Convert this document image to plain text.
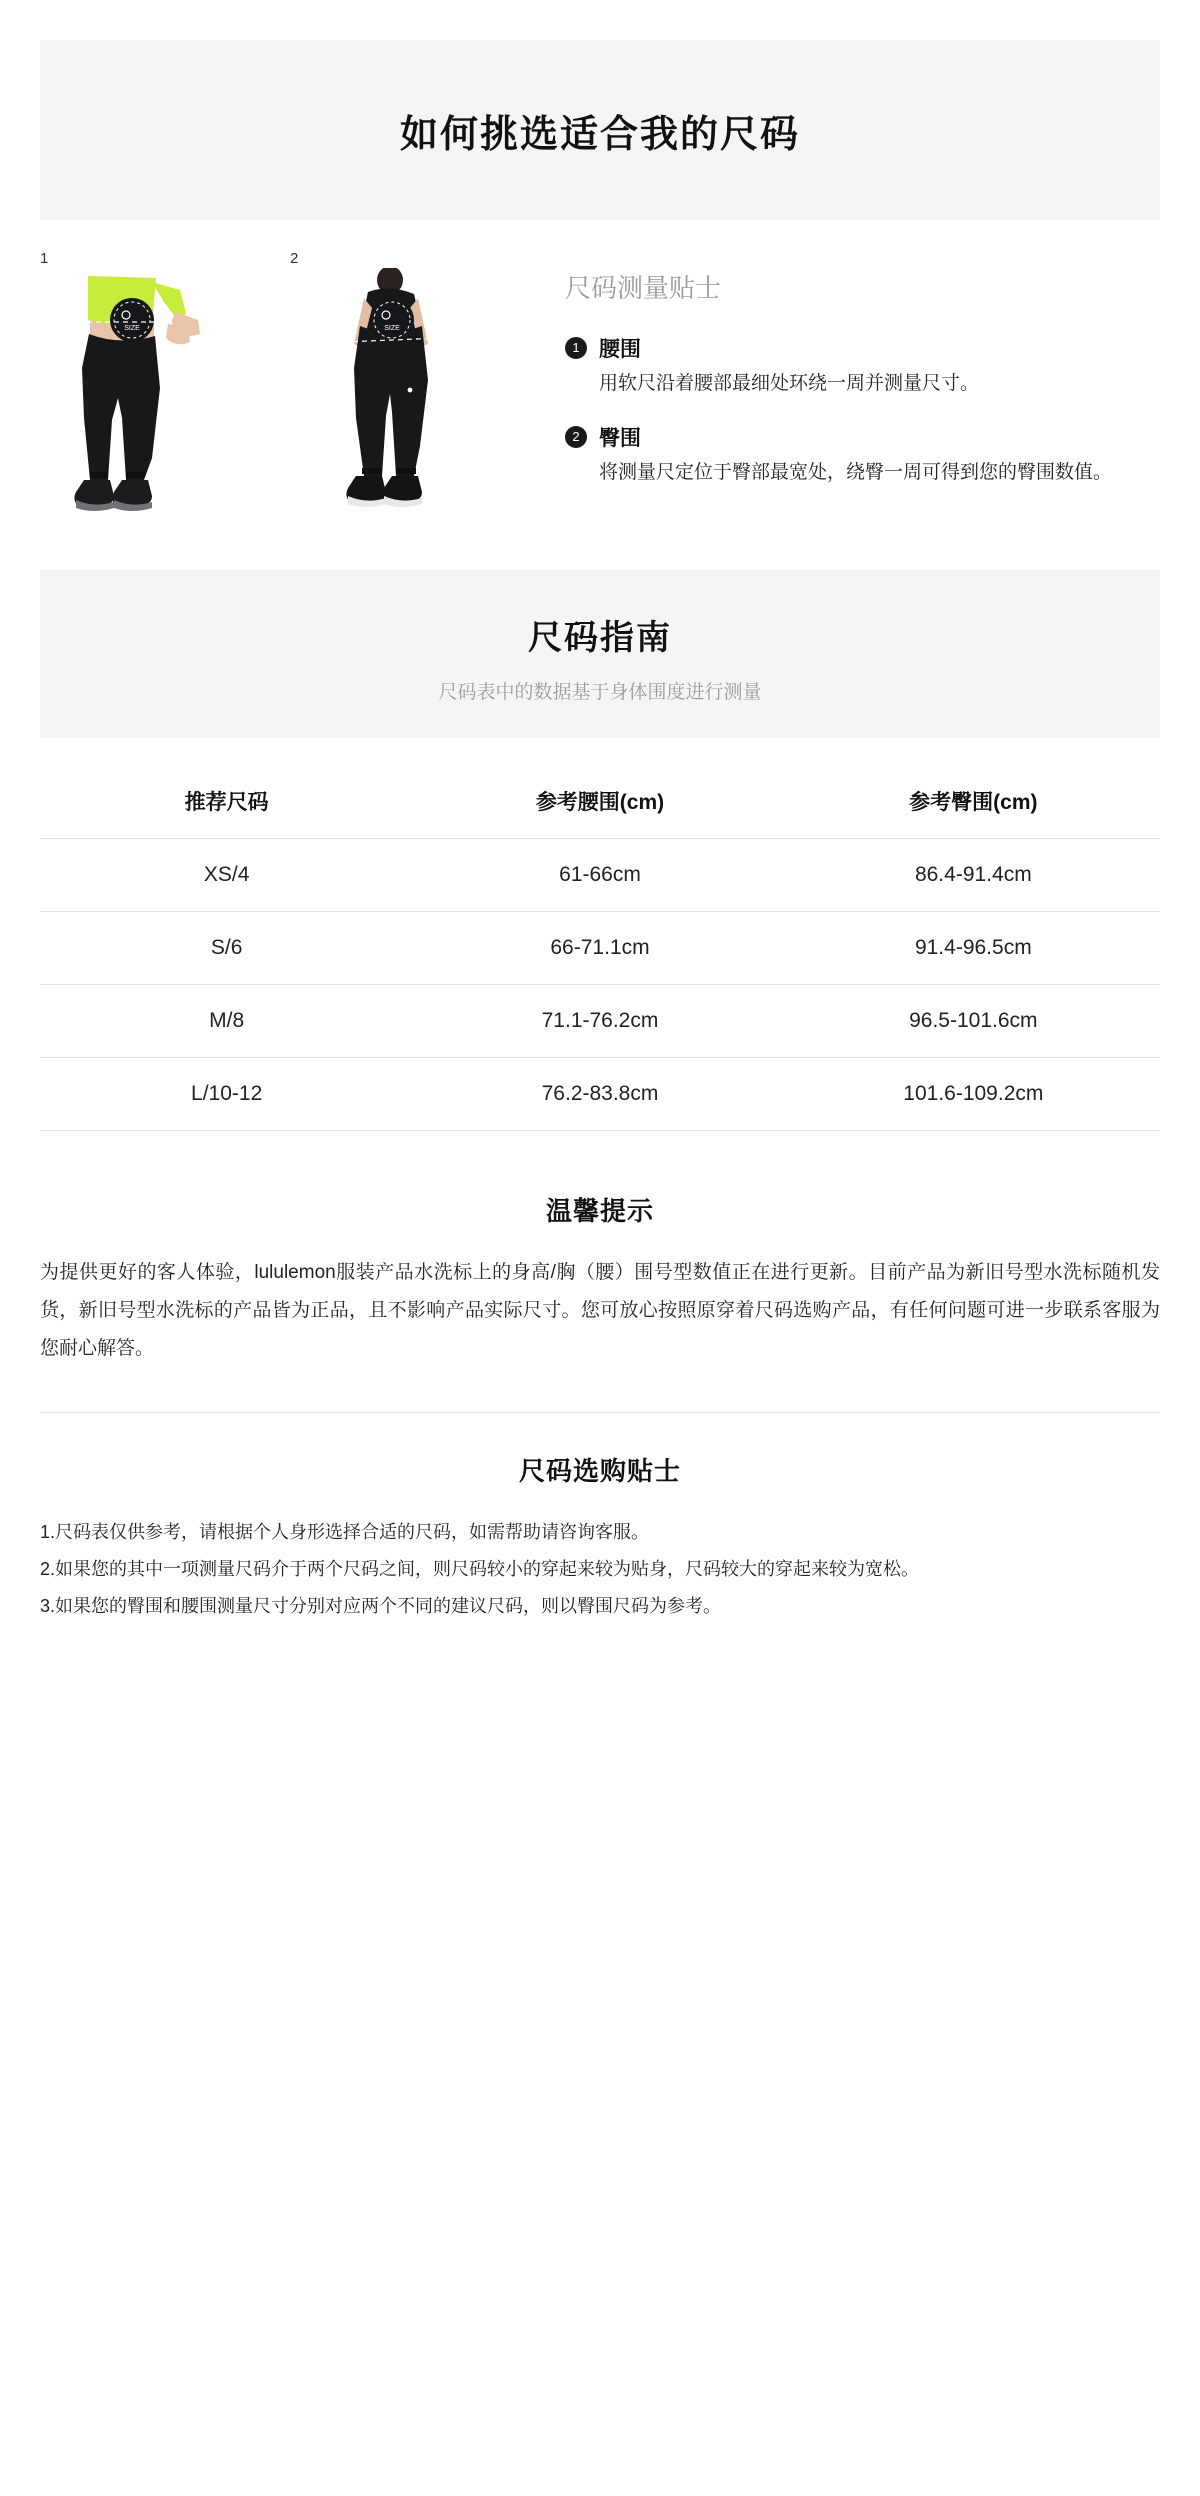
如何挑选适合我的尺码
1
SIZE
2
SIZE
尺码测量贴士
1 腰围
用软尺沿着腰部最细处环绕一周并测量尺寸。
2 臀围
将测量尺定位于臀部最宽处，绕臀一周可得到您的臀围数值。
尺码指南
尺码表中的数据基于身体围度进行测量
推荐尺码	参考腰围(cm)	参考臀围(cm)
XS/4	61-66cm	86.4-91.4cm
S/6	66-71.1cm	91.4-96.5cm
M/8	71.1-76.2cm	96.5-101.6cm
L/10-12	76.2-83.8cm	101.6-109.2cm
温馨提示
为提供更好的客人体验，lululemon服装产品水洗标上的身高/胸（腰）围号型数值正在进行更新。目前产品为新旧号型水洗标随机发货，新旧号型水洗标的产品皆为正品，且不影响产品实际尺寸。您可放心按照原穿着尺码选购产品，有任何问题可进一步联系客服为您耐心解答。
尺码选购贴士
1.尺码表仅供参考，请根据个人身形选择合适的尺码，如需帮助请咨询客服。
2.如果您的其中一项测量尺码介于两个尺码之间，则尺码较小的穿起来较为贴身，尺码较大的穿起来较为宽松。
3.如果您的臀围和腰围测量尺寸分别对应两个不同的建议尺码，则以臀围尺码为参考。
